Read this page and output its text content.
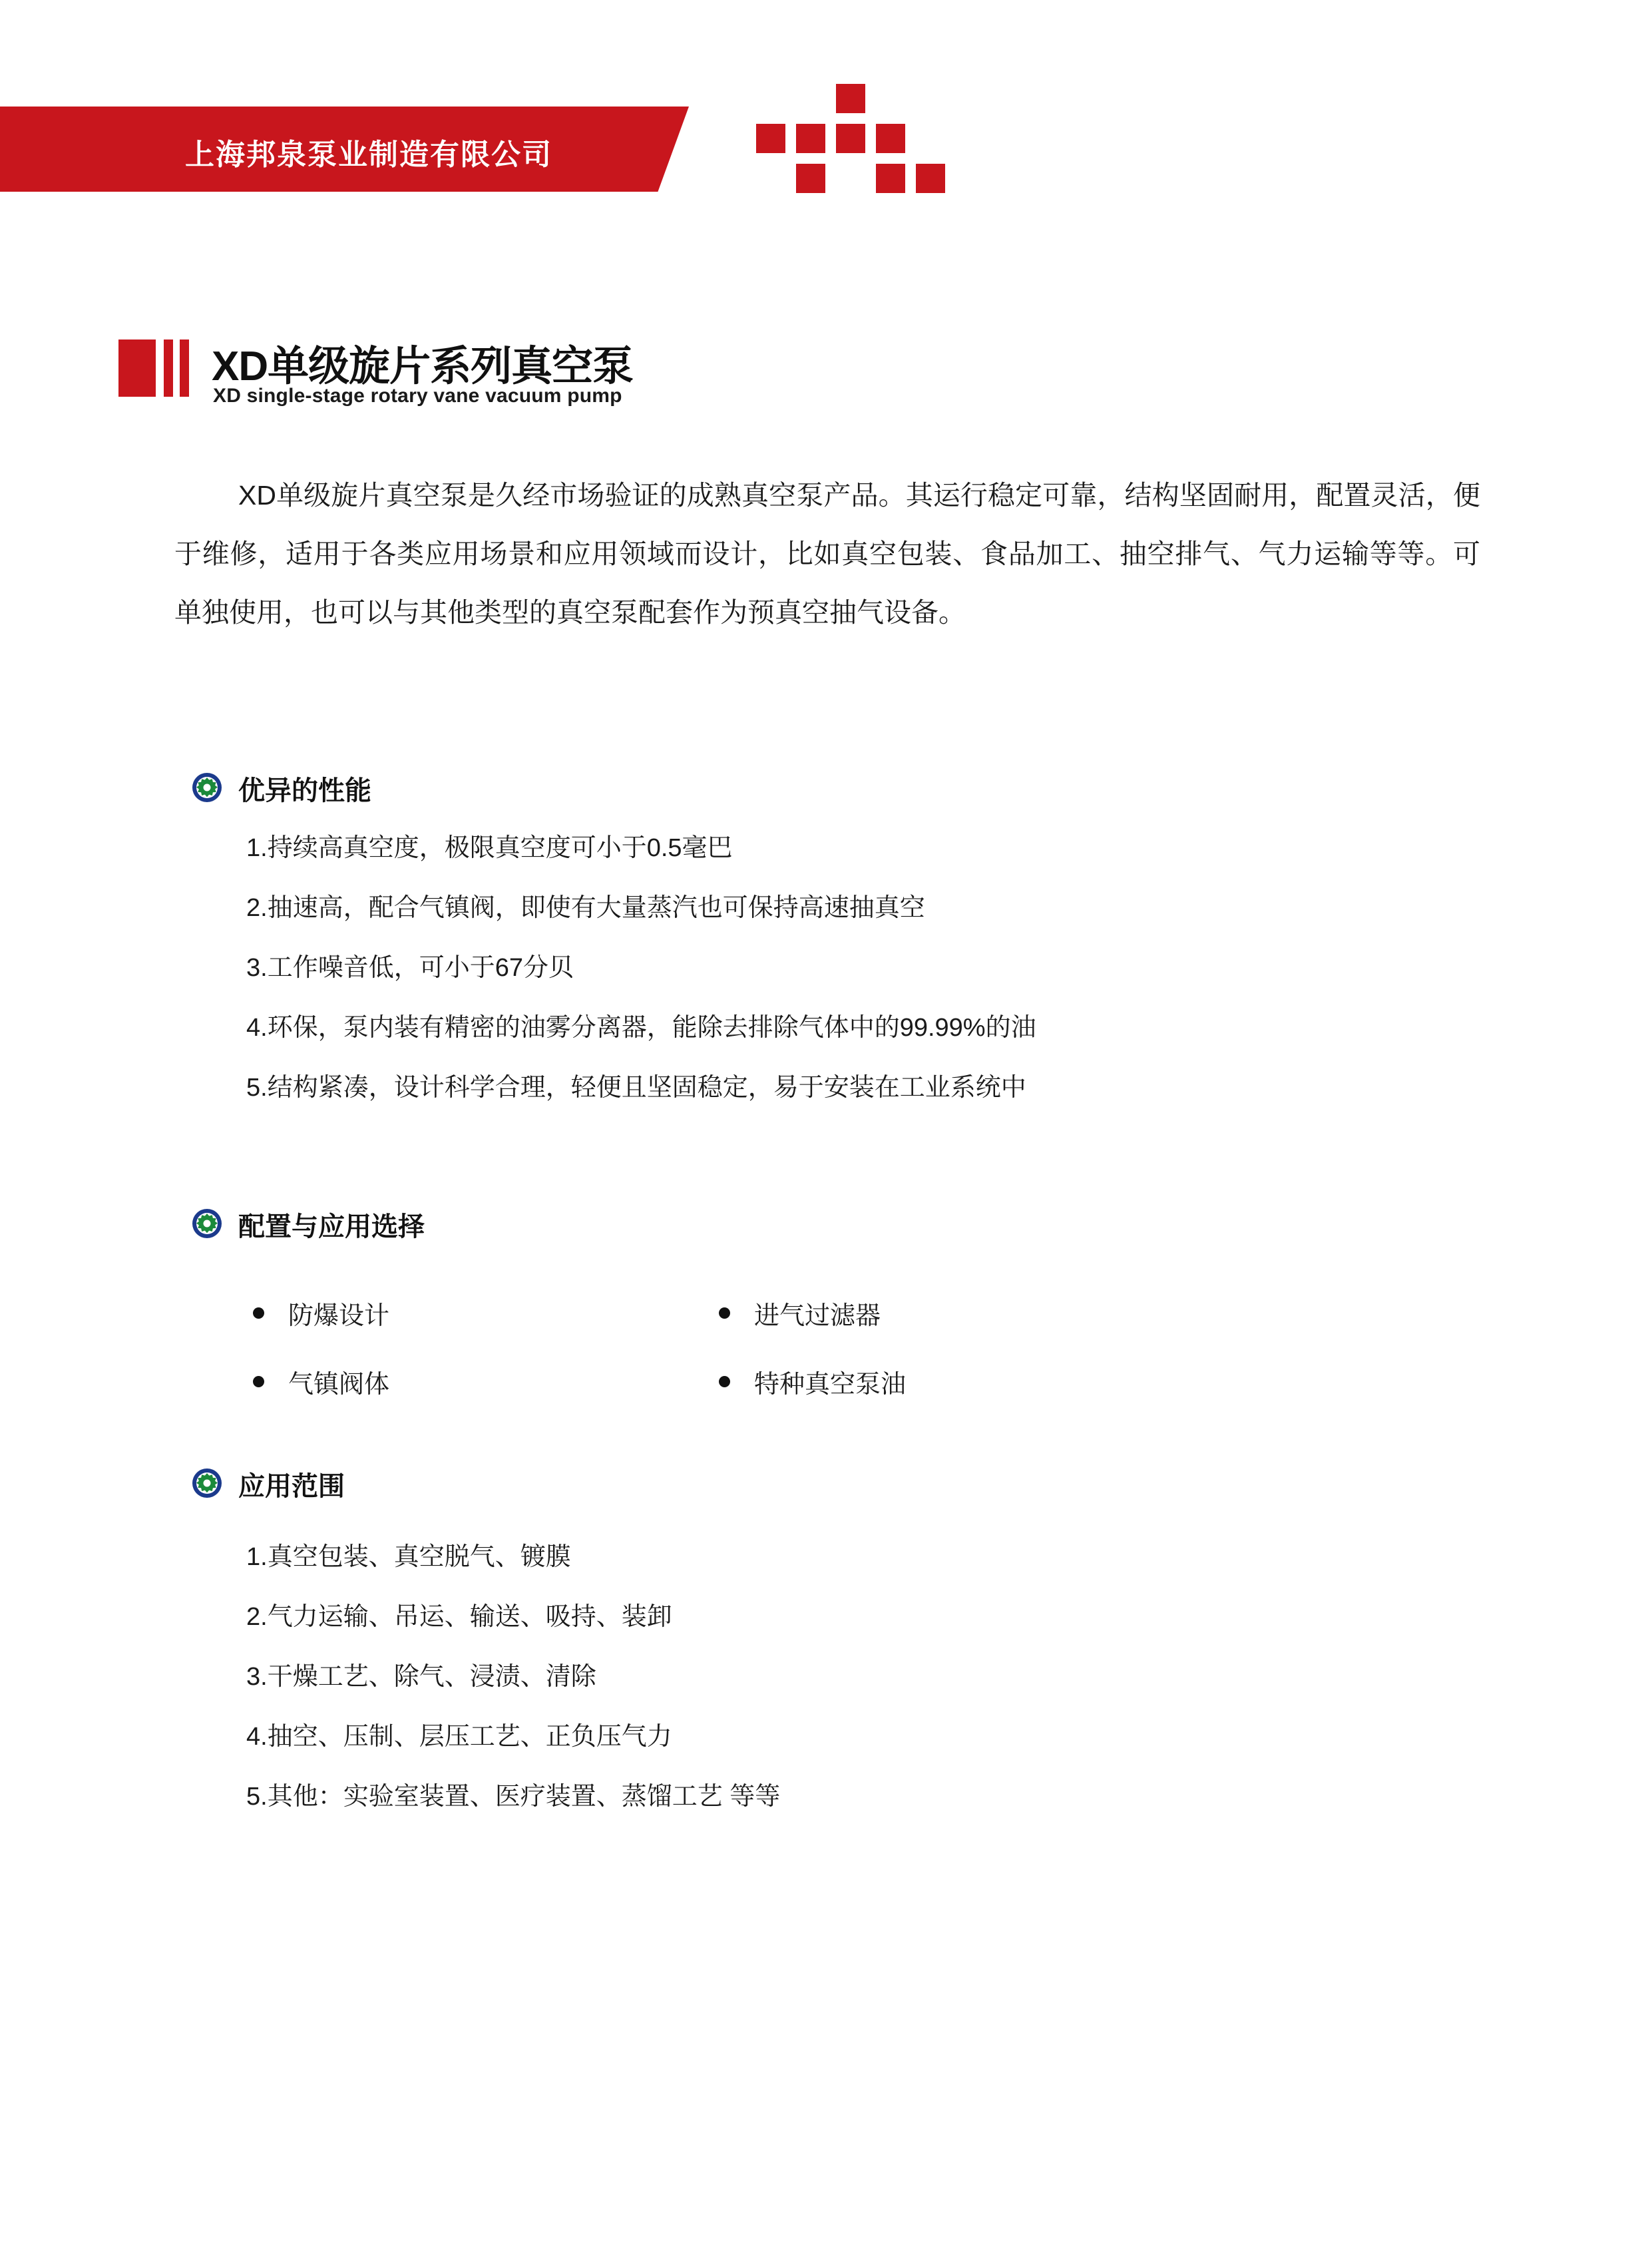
上海邦泉泵业制造有限公司
XD单级旋片系列真空泵
XD single-stage rotary vane vacuum pump
XD单级旋片真空泵是久经市场验证的成熟真空泵产品。其运行稳定可靠，结构坚固耐用，配置灵活，便于维修，适用于各类应用场景和应用领域而设计，比如真空包装、食品加工、抽空排气、气力运输等等。可单独使用，也可以与其他类型的真空泵配套作为预真空抽气设备。
优异的性能
1.持续高真空度，极限真空度可小于0.5毫巴
2.抽速高，配合气镇阀，即使有大量蒸汽也可保持高速抽真空
3.工作噪音低，可小于67分贝
4.环保，泵内装有精密的油雾分离器，能除去排除气体中的99.99%的油
5.结构紧凑，设计科学合理，轻便且坚固稳定，易于安装在工业系统中
配置与应用选择
防爆设计	进气过滤器
气镇阀体	特种真空泵油
应用范围
1.真空包装、真空脱气、镀膜
2.气力运输、吊运、输送、吸持、装卸
3.干燥工艺、除气、浸渍、清除
4.抽空、压制、层压工艺、正负压气力
5.其他：实验室装置、医疗装置、蒸馏工艺 等等
